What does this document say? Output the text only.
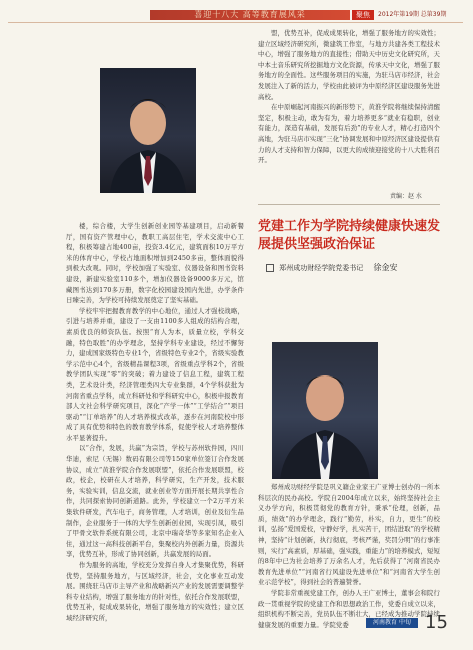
喜迎十八大 高等教育展风采	聚焦	2012年第19期 总第39期

楼，综合楼，大学生创新创业园等基建项目，启动新餐厅，国有资产管理中心，教职工高层住宅，学术交流中心工程，积极筹建占地400亩，投资3.4亿元，建筑面积10万平方米的体育中心，学校占地面积增加到2450多亩，整体面貌得到极大改观。同时，学校加强了实验室、仪器设备和图书资料建设，新建实验室110多个，增加仪器设备9000多万元，馆藏图书达到170多万册，数字化校园建设国内先进，办学条件日臻完善，为学校可持续发展奠定了坚实基础。

学校牢牢把握教育教学的中心地位，通过人才强校战略，引进与培养并重，建设了一支由1100多人组成的结构合理，素质优良的师资队伍。按照“育人为本，质量立校，学科交融，特色取胜”的办学理念，坚持学科专业建设，经过不懈努力，建成国家级特色专业1个，省级特色专业2个，省级实验教学示范中心4个，省级精品课程3项，省级重点学科2个，省级教学团队实现“零”的突破；着力建设了信息工程，建筑工程类，艺术设计类，经济管理类四大专业集群，4个学科获批为河南省重点学科，成立科研处和学科研究中心，积极申报教育部人文社会科学研究项目，深化“产学一体”“工学结合”“项目驱动”“订单培养”的人才培养模式改革，逐步在河南院校中形成了具有优势和特色的教育教学体系，促使学校人才培养整体水平显著提升。

以“合作，发展，共赢”为宗旨，学校与苏州软件园，四川华迪，索尼（无锡）数码有限公司等150家单位签订合作发展协议，成立“黄淮学院合作发展联盟”，依托合作发展联盟，校政，校企，校研在人才培养，科学研究，生产开发，技术服务，实验实训，信息交流，就业创业等方面开展长期共享性合作，共同探索协同创新道路。此外，学校建立一个2万平方米集软件研发，汽车电子，商务管理，人才培训，创业及衍生品制作，企业服务于一体的大学生创新创业园，实现引凤，吸引了甲骨文软件系统有限公司，北京中瑞奇华等多家知名企业入住，通过这一高科技创新平台，集聚校内外创新力量，资源共享，优势互补，形成了协同创新，共赢发展的局面。

作为服务的高地，学校充分发挥自身人才集聚优势，科研优势，坚持服务地方，与区域经济，社会，文化事业互动发展。围绕驻马店市主导产业和战略新兴产业的发展需要调整学科专业结构，增强了服务地方的针对性，依托合作发展联盟，优势互补，促成成果转化，增强了服务地方的实效性；建立区域经济研究所，

盟，优势互补，促成成果转化，增强了服务地方的实效性；建立区域经济研究所，微建筑工作室，与地方共建各类工程技术中心，增强了服务地方的直接性；借助天中历史文化研究所，天中本土音乐研究所挖掘地方文化资源，传承天中文化，增强了服务地方的全面性。这些服务项目的实施，为驻马店市经济，社会发展注入了新的活力，学校由此被评为中原经济区建设服务先进高校。

在中原崛起河南振兴的新形势下，黄淮学院将继续保持清醒坚定，积极主动，敢为有为，着力培养更多“就业有稳职，创业有能力，深造有基础，发展有后劲”的专业人才，精心打造四个高地，为驻马店市实现“三化”协调发展和中原经济区建设提供有力的人才支持和智力保障，以更大的成绩迎接党的十八大胜利召开。

责编：赵 水
党建工作为学院持续健康快速发展提供坚强政治保证
郑州成功财经学院党委书记 徐金安

郑州成功财经学院是巩义籍企业家王广亚博士创办的一所本科层次的民办高校。学院自2004年成立以来，始终坚持社会主义办学方向，积极贯彻党的教育方针，秉承“伦理，创新，品质，绩效”的办学理念，践行“勤劳，朴实，自力，更生”的校训，弘扬“爱国爱校，守静好学，扎实苦干，团结进取”的学校精神，坚持“计划创新，执行彻底，考核严谨，奖罚分明”的行事准则，实行“高素质，厚基础，强实践，重能力”的培养模式，短短的8年中已为社会培养了万余名人才，先后获得了“河南省民办教育先进单位”“河南省行风建设先进单位”和“河南省大学生创业示范学校”，得到社会的普遍赞誉。

学院非常重视党建工作，创办人王广亚博士，董事会和院行政一贯重视学院的党建工作和思想政治工作，党委自成立以来，组织机构不断完善，党员队伍不断壮大，已经成为推动学院持续健康发展的重要力量。学院党委	河南教育 中旬 15
